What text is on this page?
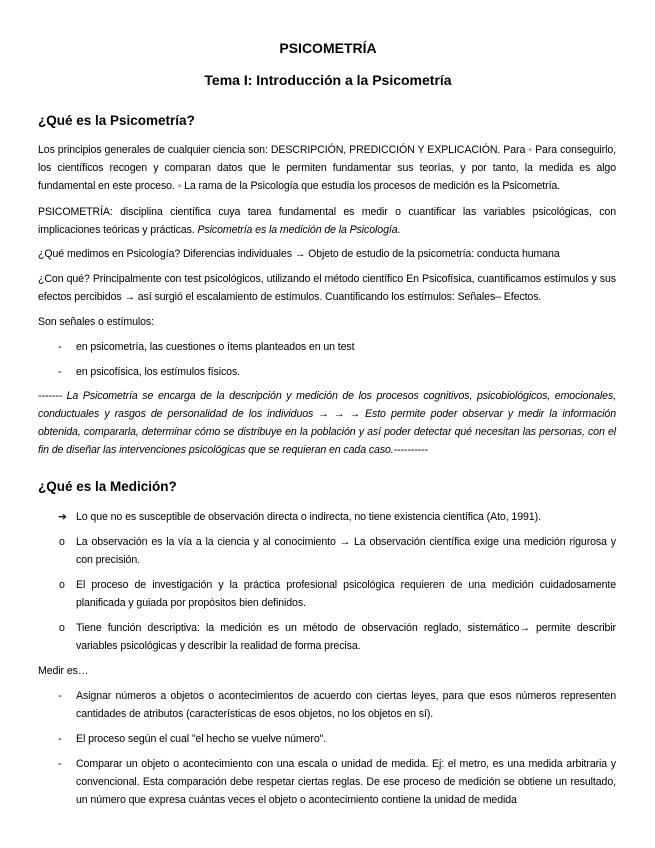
PSICOMETRÍA
Tema I: Introducción a la Psicometría
¿Qué es la Psicometría?
Los principios generales de cualquier ciencia son: DESCRIPCIÓN, PREDICCIÓN Y EXPLICACIÓN. Para ◦ Para conseguirlo, los científicos recogen y comparan datos que le permiten fundamentar sus teorías, y por tanto, la medida es algo fundamental en este proceso. ◦ La rama de la Psicología que estudia los procesos de medición es la Psicometría.
PSICOMETRÍA: disciplina científica cuya tarea fundamental es medir o cuantificar las variables psicológicas, con implicaciones teóricas y prácticas. Psicometría es la medición de la Psicología.
¿Qué medimos en Psicología? Diferencias individuales → Objeto de estudio de la psicometría: conducta humana
¿Con qué? Principalmente con test psicológicos, utilizando el método científico En Psicofísica, cuantificamos estímulos y sus efectos percibidos → así surgió el escalamiento de estímulos. Cuantificando los estímulos: Señales– Efectos.
Son señales o estímulos:
- en psicometría, las cuestiones o ítems planteados en un test
- en psicofísica, los estímulos físicos.
------- La Psicometría se encarga de la descripción y medición de los procesos cognitivos, psicobiológicos, emocionales, conductuales y rasgos de personalidad de los individuos → → → Esto permite poder observar y medir la información obtenida, compararla, determinar cómo se distribuye en la población y así poder detectar qué necesitan las personas, con el fin de diseñar las intervenciones psicológicas que se requieran en cada caso.----------
¿Qué es la Medición?
➔ Lo que no es susceptible de observación directa o indirecta, no tiene existencia científica (Ato, 1991).
o La observación es la vía a la ciencia y al conocimiento → La observación científica exige una medición rigurosa y con precisión.
o El proceso de investigación y la práctica profesional psicológica requieren de una medición cuidadosamente planificada y guiada por propósitos bien definidos.
o Tiene función descriptiva: la medición es un método de observación reglado, sistemático→ permite describir variables psicológicas y describir la realidad de forma precisa.
Medir es…
- Asignar números a objetos o acontecimientos de acuerdo con ciertas leyes, para que esos números representen cantidades de atributos (características de esos objetos, no los objetos en sí).
- El proceso según el cual "el hecho se vuelve número".
- Comparar un objeto o acontecimiento con una escala o unidad de medida. Ej: el metro, es una medida arbitraria y convencional. Esta comparación debe respetar ciertas reglas. De ese proceso de medición se obtiene un resultado, un número que expresa cuántas veces el objeto o acontecimiento contiene la unidad de medida
